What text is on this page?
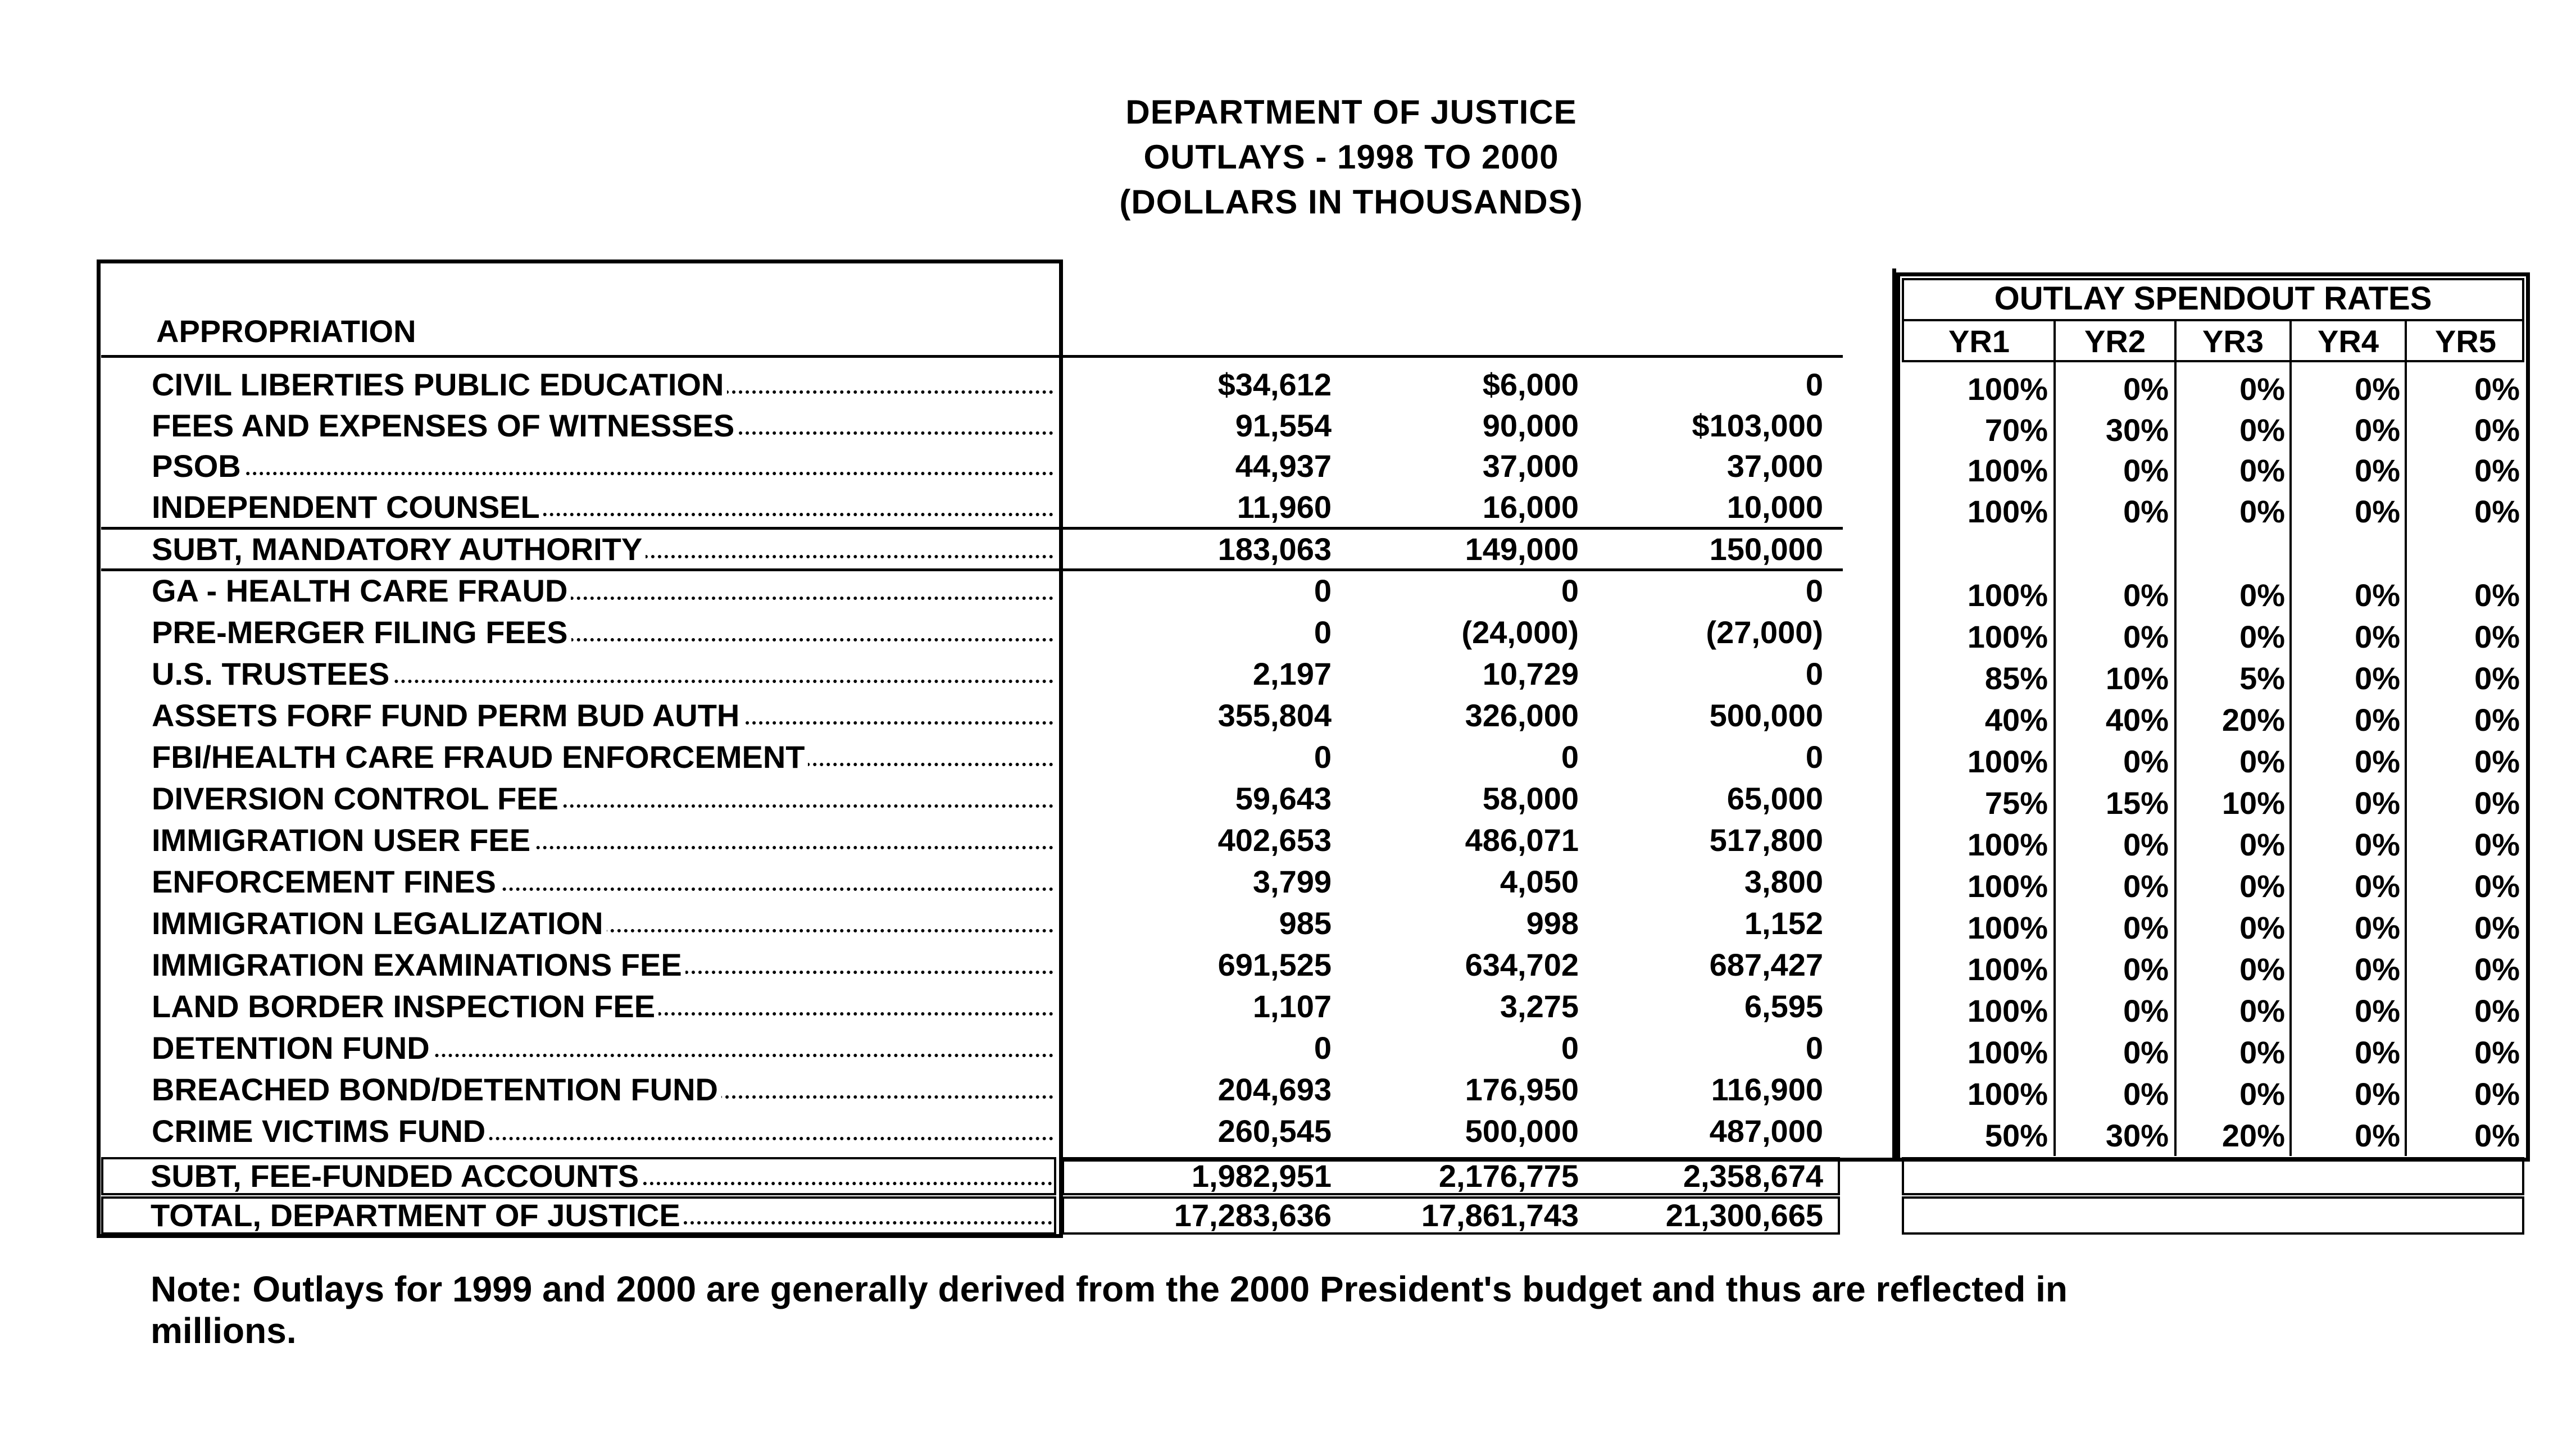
DEPARTMENT OF JUSTICE
OUTLAYS - 1998 TO 2000
(DOLLARS IN THOUSANDS)
APPROPRIATION
OUTLAY SPENDOUT RATES
YR1	YR2	YR3	YR4	YR5
CIVIL LIBERTIES PUBLIC EDUCATION	$34,612	$6,000	0	100%	0%	0%	0%	0%
FEES AND EXPENSES OF WITNESSES	91,554	90,000	$103,000	70%	30%	0%	0%	0%
PSOB	44,937	37,000	37,000	100%	0%	0%	0%	0%
INDEPENDENT COUNSEL	11,960	16,000	10,000	100%	0%	0%	0%	0%
SUBT, MANDATORY AUTHORITY	183,063	149,000	150,000
GA - HEALTH CARE FRAUD	0	0	0	100%	0%	0%	0%	0%
PRE-MERGER FILING FEES	0	(24,000)	(27,000)	100%	0%	0%	0%	0%
U.S. TRUSTEES	2,197	10,729	0	85%	10%	5%	0%	0%
ASSETS FORF FUND PERM BUD AUTH	355,804	326,000	500,000	40%	40%	20%	0%	0%
FBI/HEALTH CARE FRAUD ENFORCEMENT	0	0	0	100%	0%	0%	0%	0%
DIVERSION CONTROL FEE	59,643	58,000	65,000	75%	15%	10%	0%	0%
IMMIGRATION USER FEE	402,653	486,071	517,800	100%	0%	0%	0%	0%
ENFORCEMENT FINES	3,799	4,050	3,800	100%	0%	0%	0%	0%
IMMIGRATION LEGALIZATION	985	998	1,152	100%	0%	0%	0%	0%
IMMIGRATION EXAMINATIONS FEE	691,525	634,702	687,427	100%	0%	0%	0%	0%
LAND BORDER INSPECTION FEE	1,107	3,275	6,595	100%	0%	0%	0%	0%
DETENTION FUND	0	0	0	100%	0%	0%	0%	0%
BREACHED BOND/DETENTION FUND	204,693	176,950	116,900	100%	0%	0%	0%	0%
CRIME VICTIMS FUND	260,545	500,000	487,000	50%	30%	20%	0%	0%
SUBT, FEE-FUNDED ACCOUNTS	1,982,951	2,176,775	2,358,674
TOTAL, DEPARTMENT OF JUSTICE	17,283,636	17,861,743	21,300,665
Note: Outlays for 1999 and 2000 are generally derived from the 2000 President's budget and thus are reflected in millions.
